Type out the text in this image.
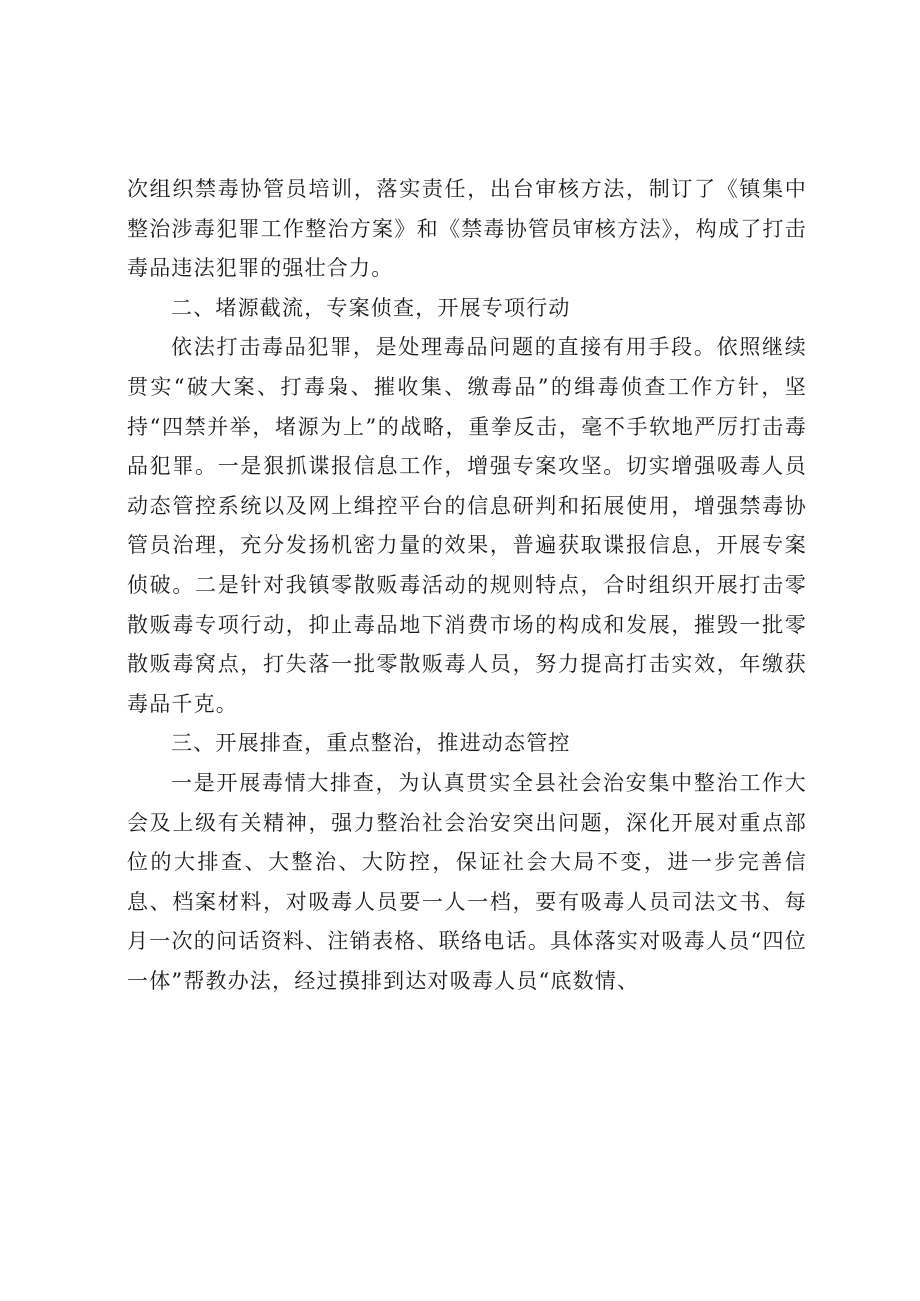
次组织禁毒协管员培训，落实责任，出台审核方法，制订了《镇集中整治涉毒犯罪工作整治方案》和《禁毒协管员审核方法》，构成了打击毒品违法犯罪的强壮合力。

二、堵源截流，专案侦查，开展专项行动

依法打击毒品犯罪，是处理毒品问题的直接有用手段。依照继续贯实“破大案、打毒枭、摧收集、缴毒品”的缉毒侦查工作方针，坚持“四禁并举，堵源为上”的战略，重拳反击，毫不手软地严厉打击毒品犯罪。一是狠抓谍报信息工作，增强专案攻坚。切实增强吸毒人员动态管控系统以及网上缉控平台的信息研判和拓展使用，增强禁毒协管员治理，充分发扬机密力量的效果，普遍获取谍报信息，开展专案侦破。二是针对我镇零散贩毒活动的规则特点，合时组织开展打击零散贩毒专项行动，抑止毒品地下消费市场的构成和发展，摧毁一批零散贩毒窝点，打失落一批零散贩毒人员，努力提高打击实效，年缴获毒品千克。

三、开展排查，重点整治，推进动态管控

一是开展毒情大排查，为认真贯实全县社会治安集中整治工作大会及上级有关精神，强力整治社会治安突出问题，深化开展对重点部位的大排查、大整治、大防控，保证社会大局不变，进一步完善信息、档案材料，对吸毒人员要一人一档，要有吸毒人员司法文书、每月一次的问话资料、注销表格、联络电话。具体落实对吸毒人员“四位一体”帮教办法，经过摸排到达对吸毒人员“底数情、
